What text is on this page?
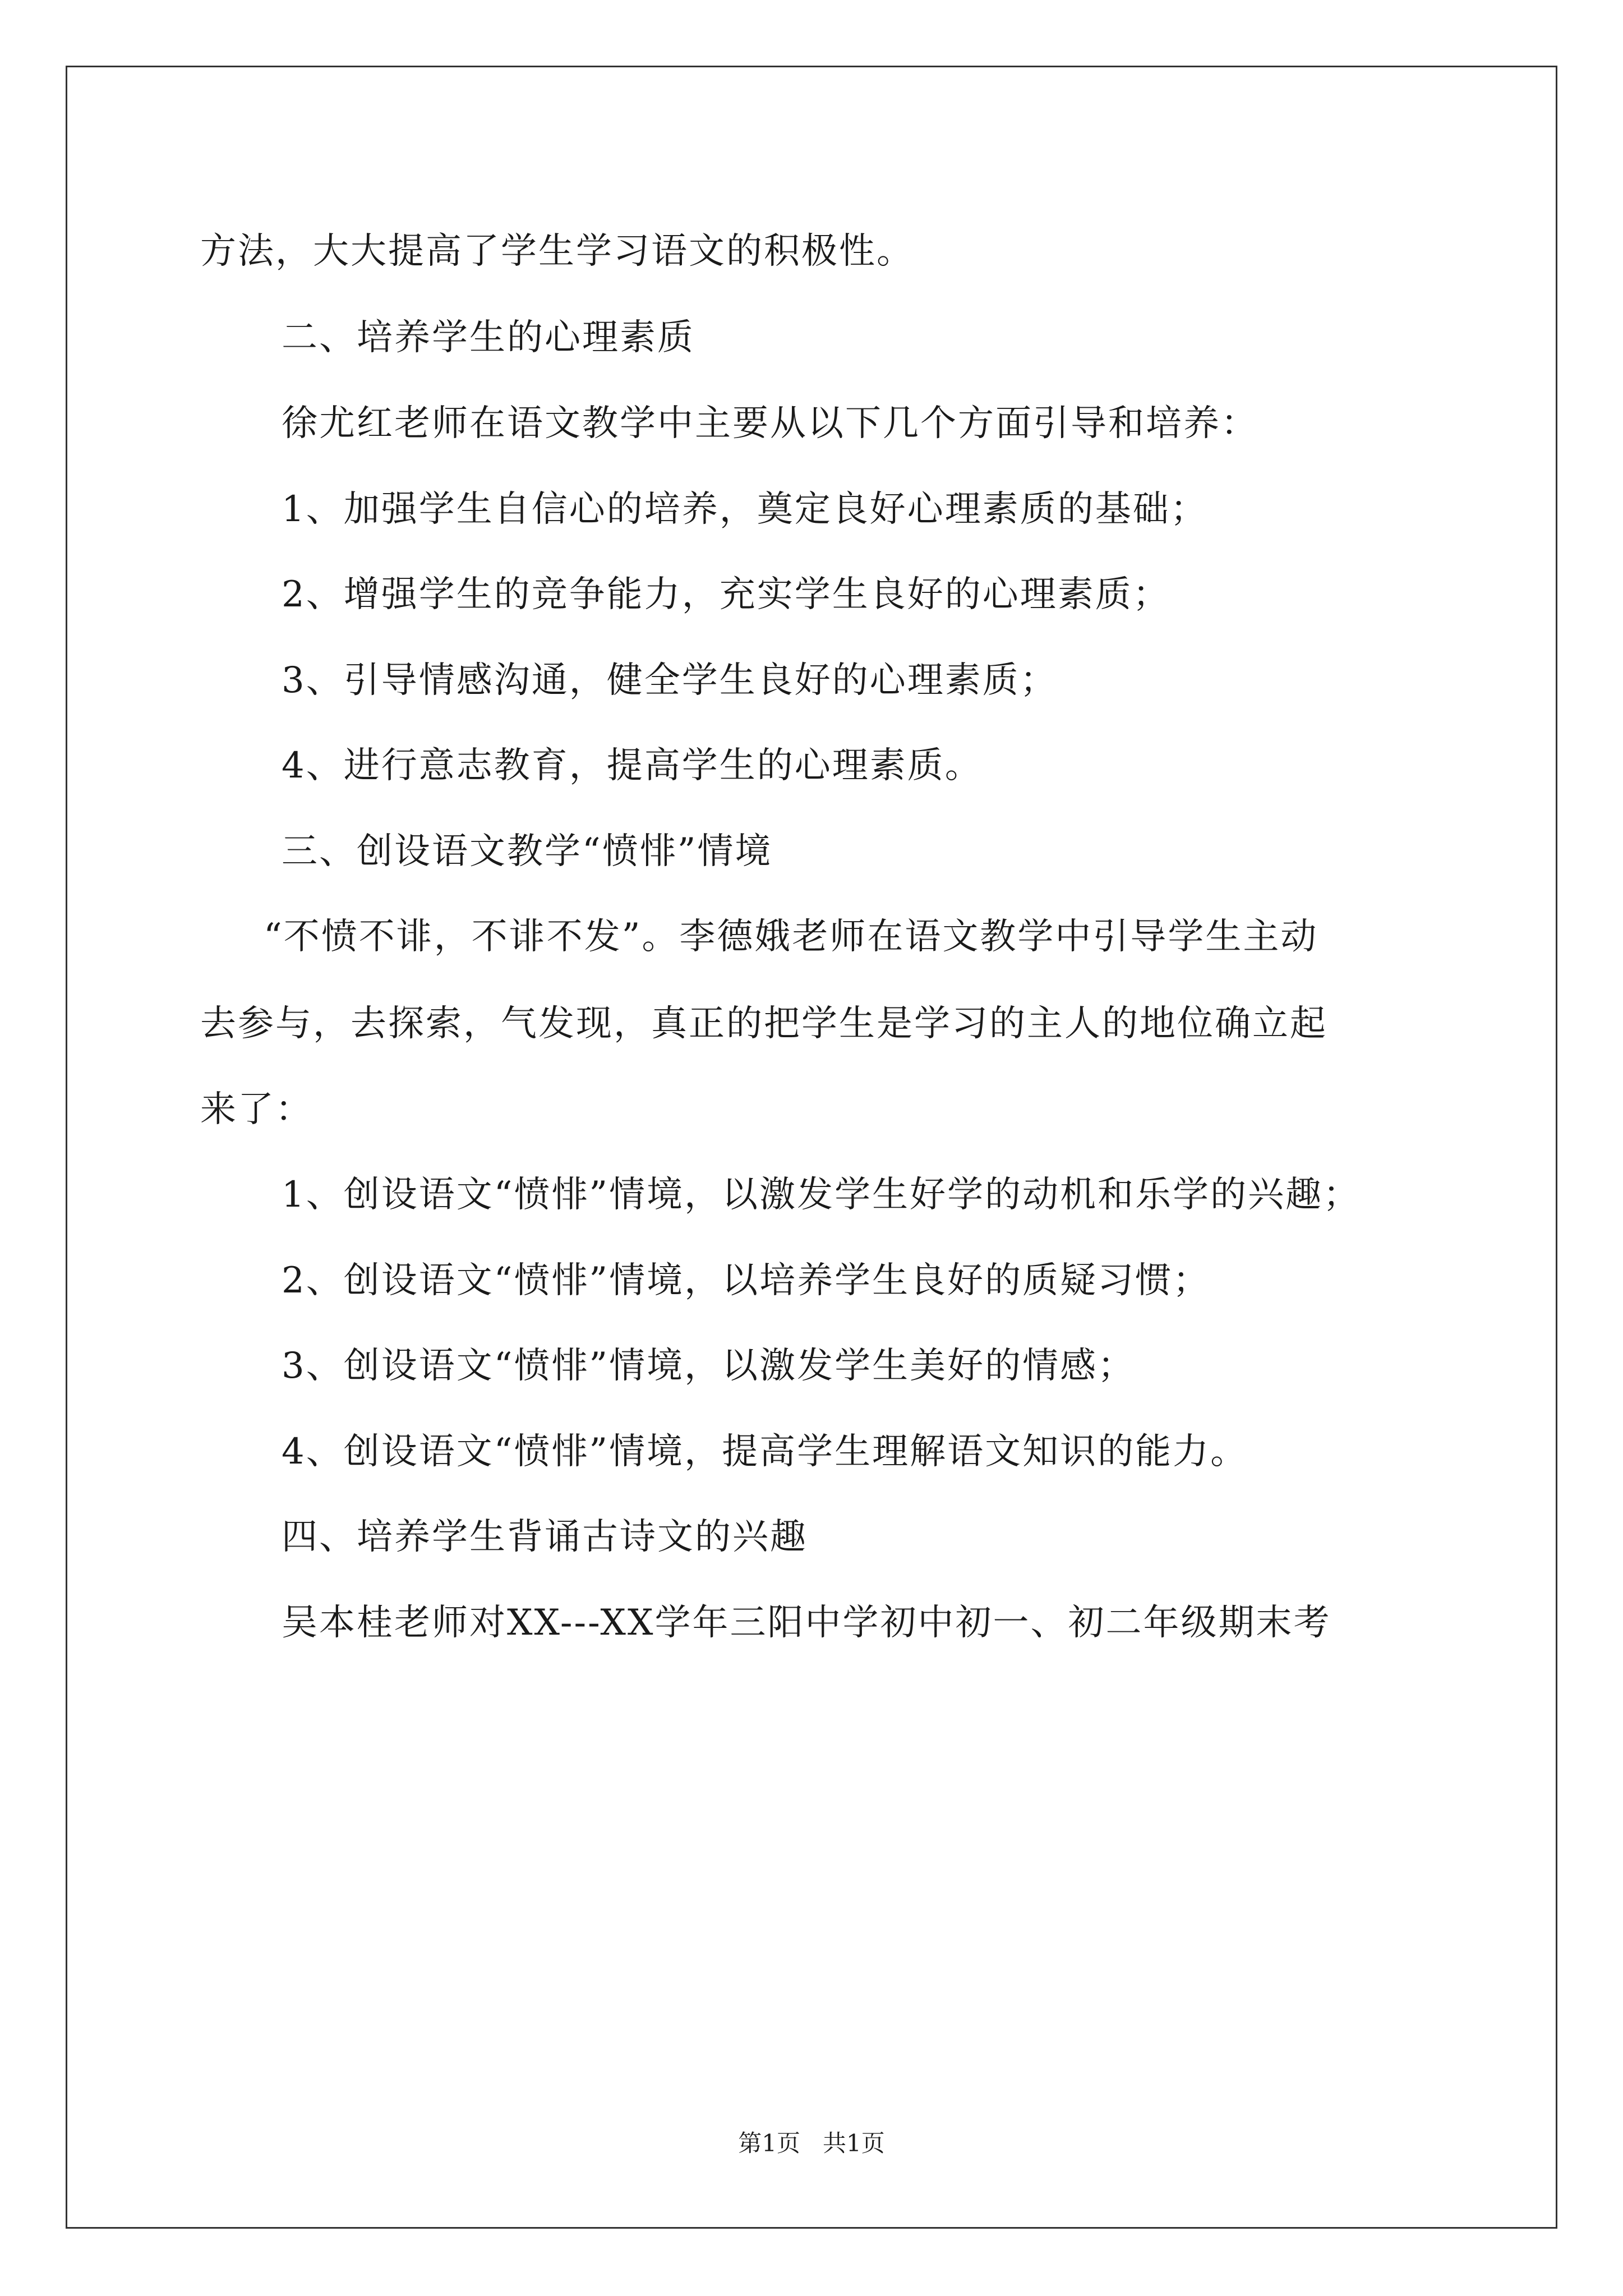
方法，大大提高了学生学习语文的积极性。

二、培养学生的心理素质

徐尤红老师在语文教学中主要从以下几个方面引导和培养：

1、加强学生自信心的培养，奠定良好心理素质的基础；

2、增强学生的竞争能力，充实学生良好的心理素质；

3、引导情感沟通，健全学生良好的心理素质；

4、进行意志教育，提高学生的心理素质。

三、创设语文教学“愤悱”情境

“不愤不诽，不诽不发”。李德娥老师在语文教学中引导学生主动

去参与，去探索，气发现，真正的把学生是学习的主人的地位确立起

来了：

1、创设语文“愤悱”情境，以激发学生好学的动机和乐学的兴趣；

2、创设语文“愤悱”情境，以培养学生良好的质疑习惯；

3、创设语文“愤悱”情境，以激发学生美好的情感；

4、创设语文“愤悱”情境，提高学生理解语文知识的能力。

四、培养学生背诵古诗文的兴趣

吴本桂老师对XX---XX学年三阳中学初中初一、初二年级期末考

第1页   共1页
